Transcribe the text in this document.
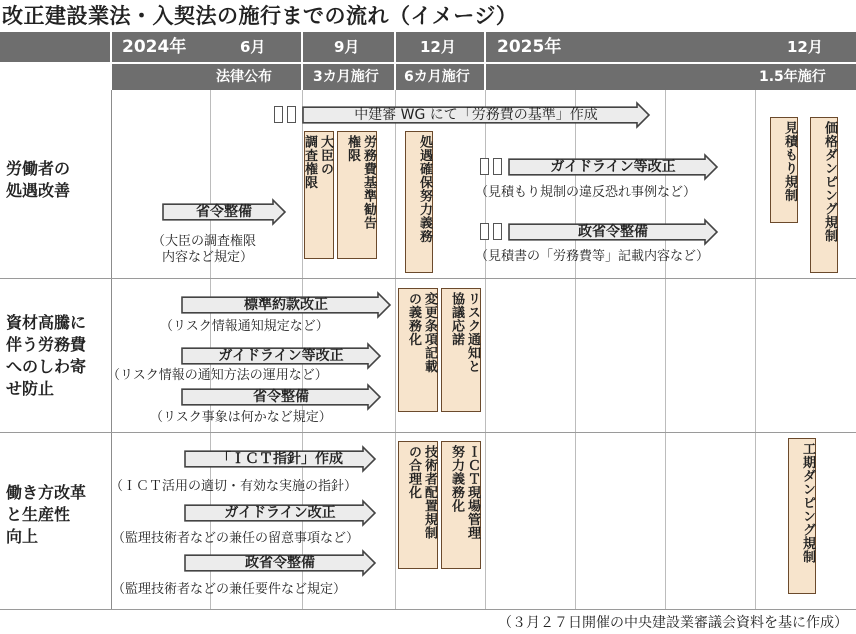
改正建設業法・入契法の施行までの流れ（イメージ）
2024年	6月	9月	12月 2025年	12月
法律公布	3カ月施行 6カ月施行	1.5年施行
労働者の
処遇改善
資材高騰に
伴う労務費
へのしわ寄
せ防止
働き方改革
と生産性
向上
中建審 WG にて「労務費の基準」作成
ガイドライン等改正
政省令整備
省令整備
標準約款改正
ガイドライン等改正
省令整備
「ＩＣＴ指針」作成
ガイドライン改正
政省令整備
（見積もり規制の違反恐れ事例など）
（見積書の「労務費等」記載内容など）
（大臣の調査権限
内容など規定）
（リスク情報通知規定など）
（リスク情報の通知方法の運用など）
（リスク事象は何かなど規定）
（ＩＣＴ活用の適切・有効な実施の指針）
（監理技術者などの兼任の留意事項など）
（監理技術者などの兼任要件など規定）
大臣の
調査権限	労務費基準勧告
権限	処遇確保努力義務	見積もり規制 価格ダンピング規制
変更条項記載
の義務化	リスク通知と
協議応諾
技術者配置規制
の合理化	ＩＣＴ現場管理
努力義務化	工期ダンピング規制
（３月２７日開催の中央建設業審議会資料を基に作成）
